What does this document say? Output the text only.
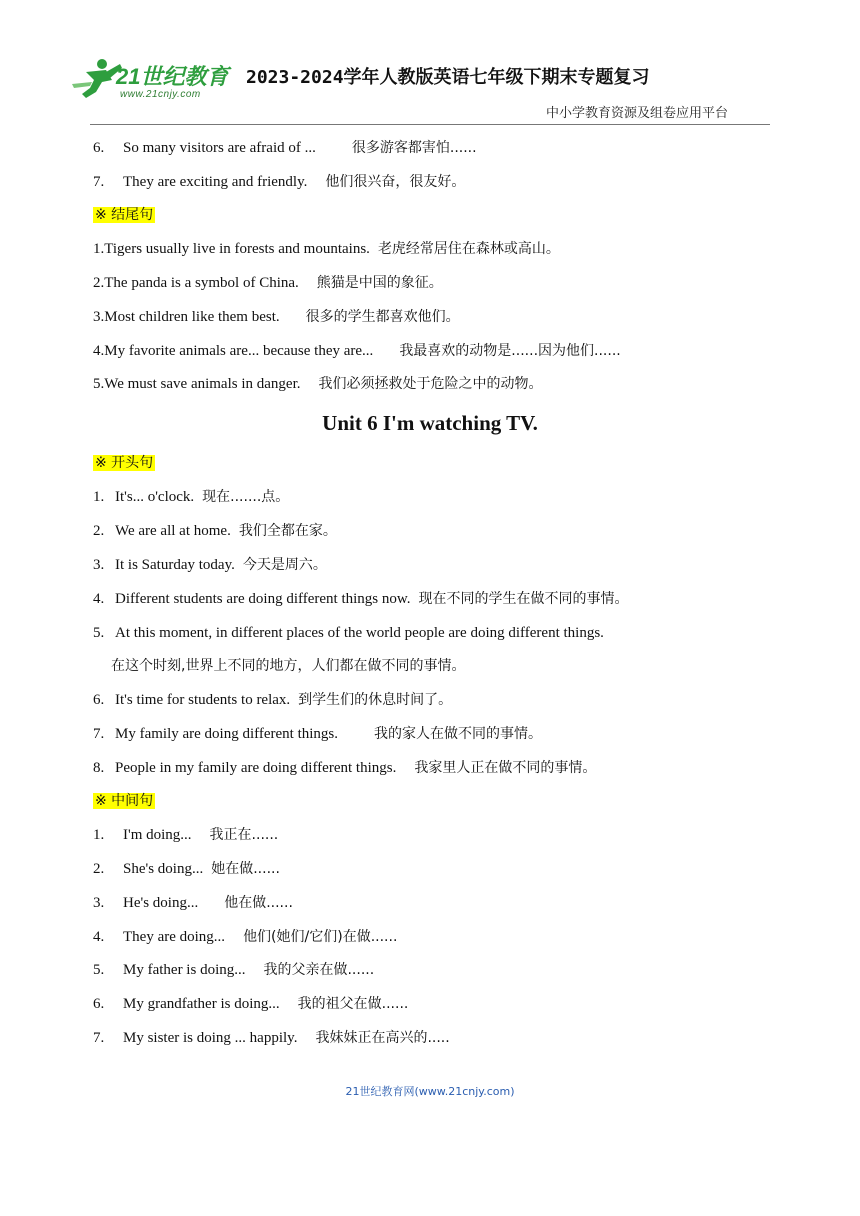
21世纪教育
www.21cnjy.com
2023-2024学年人教版英语七年级下期末专题复习
中小学教育资源及组卷应用平台
6. So many visitors are afraid of ...	很多游客都害怕......
7. They are exciting and friendly. 他们很兴奋，很友好。
※ 结尾句
1.Tigers usually live in forests and mountains. 老虎经常居住在森林或高山。
2.The panda is a symbol of China. 熊猫是中国的象征。
3.Most children like them best. 很多的学生都喜欢他们。
4.My favorite animals are... because they are... 我最喜欢的动物是......因为他们......
5.We must save animals in danger. 我们必须拯救处于危险之中的动物。
Unit 6 I'm watching TV.
※ 开头句
1. It's... o'clock. 现在.......点。
2. We are all at home. 我们全都在家。
3. It is Saturday today. 今天是周六。
4. Different students are doing different things now. 现在不同的学生在做不同的事情。
5. At this moment, in different places of the world people are doing different things.
在这个时刻,世界上不同的地方，人们都在做不同的事情。
6. It's time for students to relax. 到学生们的休息时间了。
7. My family are doing different things.	我的家人在做不同的事情。
8. People in my family are doing different things. 我家里人正在做不同的事情。
※ 中间句
1. I'm doing... 我正在......
2. She's doing... 她在做......
3. He's doing... 他在做......
4. They are doing... 他们(她们/它们)在做......
5. My father is doing... 我的父亲在做......
6. My grandfather is doing... 我的祖父在做......
7. My sister is doing ... happily. 我妹妹正在高兴的.....
21世纪教育网(www.21cnjy.com)
